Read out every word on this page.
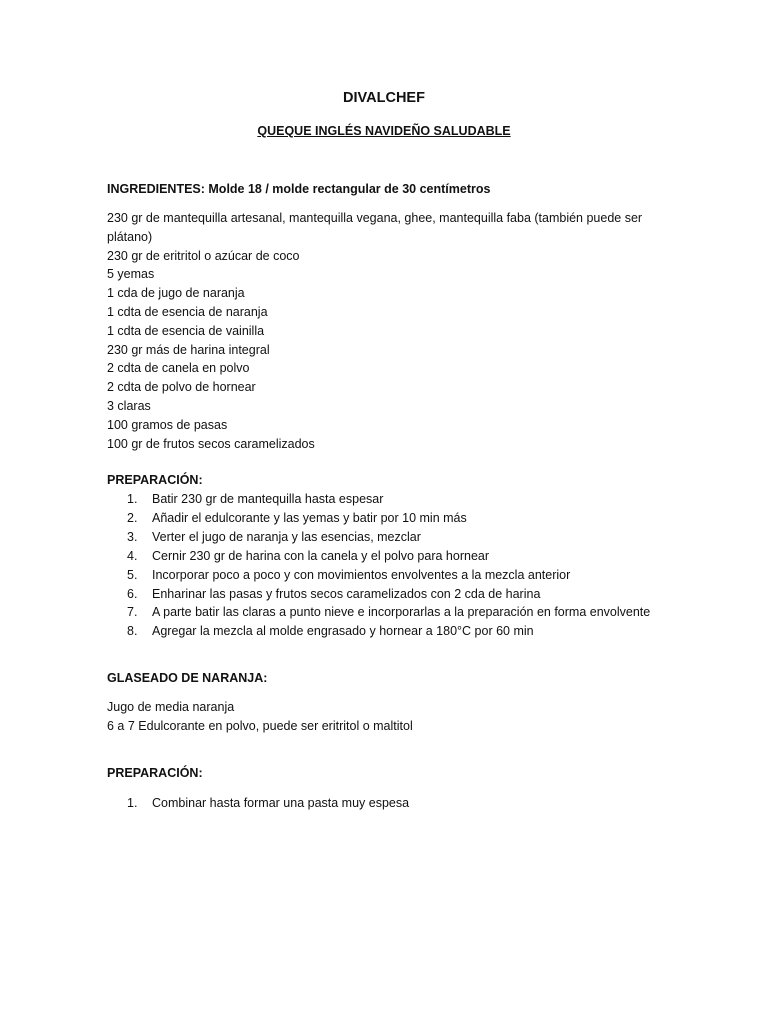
DIVALCHEF
QUEQUE INGLÉS NAVIDEÑO SALUDABLE
INGREDIENTES: Molde 18 / molde rectangular de 30 centímetros
230 gr de mantequilla artesanal, mantequilla vegana, ghee, mantequilla faba (también puede ser
plátano)
230 gr de eritritol o azúcar de coco
5 yemas
1 cda de jugo de naranja
1 cdta de esencia de naranja
1 cdta de esencia de vainilla
230 gr más de harina integral
2 cdta de canela en polvo
2 cdta de polvo de hornear
3 claras
100 gramos de pasas
100 gr de frutos secos caramelizados
PREPARACIÓN:
1.	Batir 230 gr de mantequilla hasta espesar
2.	Añadir el edulcorante y las yemas y batir por 10 min más
3.	Verter el jugo de naranja y las esencias, mezclar
4.	Cernir 230 gr de harina con la canela y el polvo para hornear
5.	Incorporar poco a poco y con movimientos envolventes a la mezcla anterior
6.	Enharinar las pasas y frutos secos caramelizados con 2 cda de harina
7.	A parte batir las claras a punto nieve e incorporarlas a la preparación en forma envolvente
8.	Agregar la mezcla al molde engrasado y hornear a 180°C por 60 min
GLASEADO DE NARANJA:
Jugo de media naranja
6 a 7 Edulcorante en polvo, puede ser eritritol o maltitol
PREPARACIÓN:
1.	Combinar hasta formar una pasta muy espesa
